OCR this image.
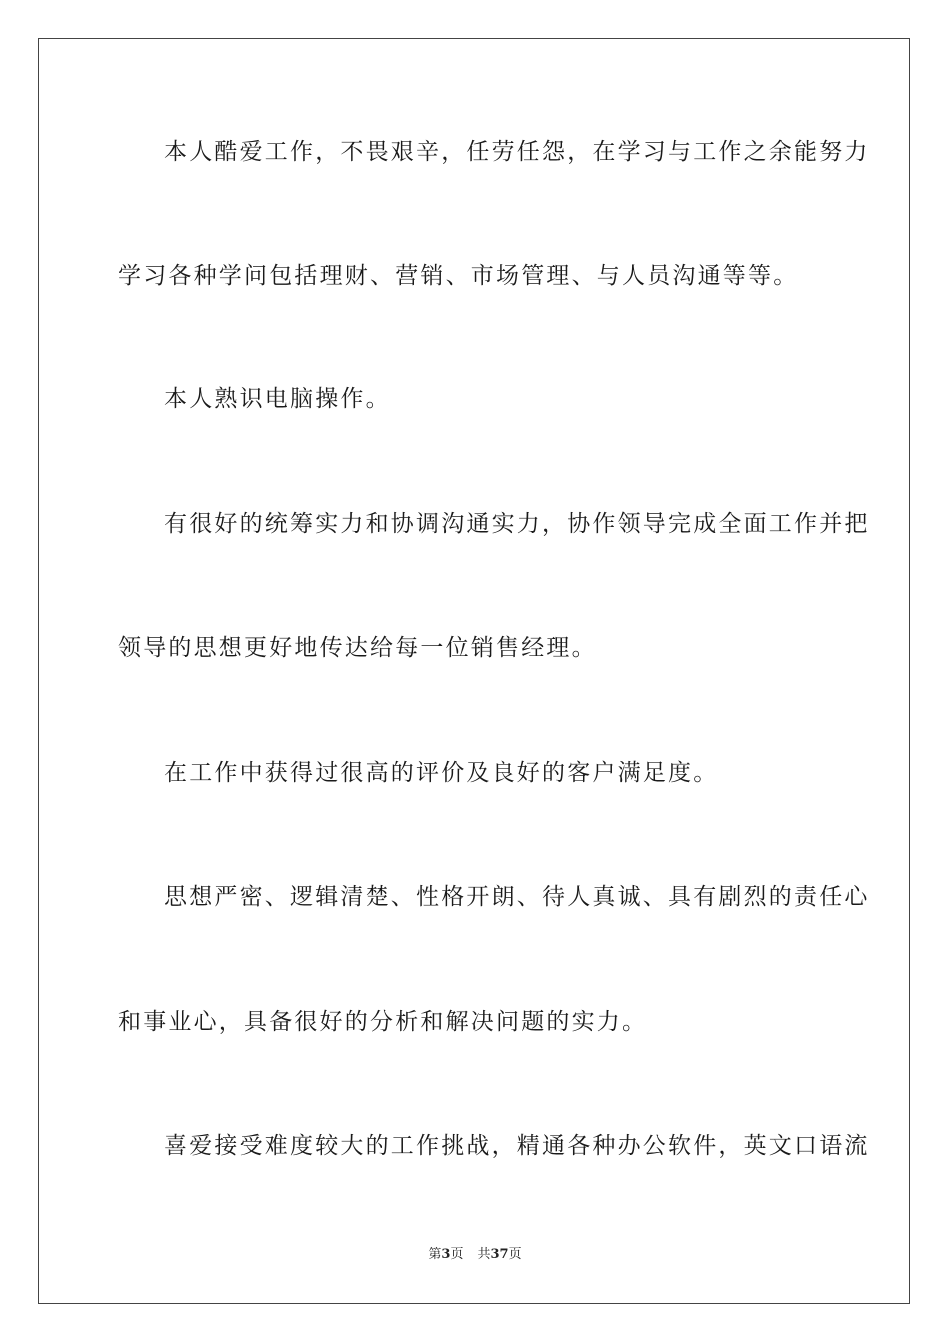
本人酷爱工作，不畏艰辛，任劳任怨，在学习与工作之余能努力
学习各种学问包括理财、营销、市场管理、与人员沟通等等。
本人熟识电脑操作。
有很好的统筹实力和协调沟通实力，协作领导完成全面工作并把
领导的思想更好地传达给每一位销售经理。
在工作中获得过很高的评价及良好的客户满足度。
思想严密、逻辑清楚、性格开朗、待人真诚、具有剧烈的责任心
和事业心，具备很好的分析和解决问题的实力。
喜爱接受难度较大的工作挑战，精通各种办公软件，英文口语流
第3页 共37页
